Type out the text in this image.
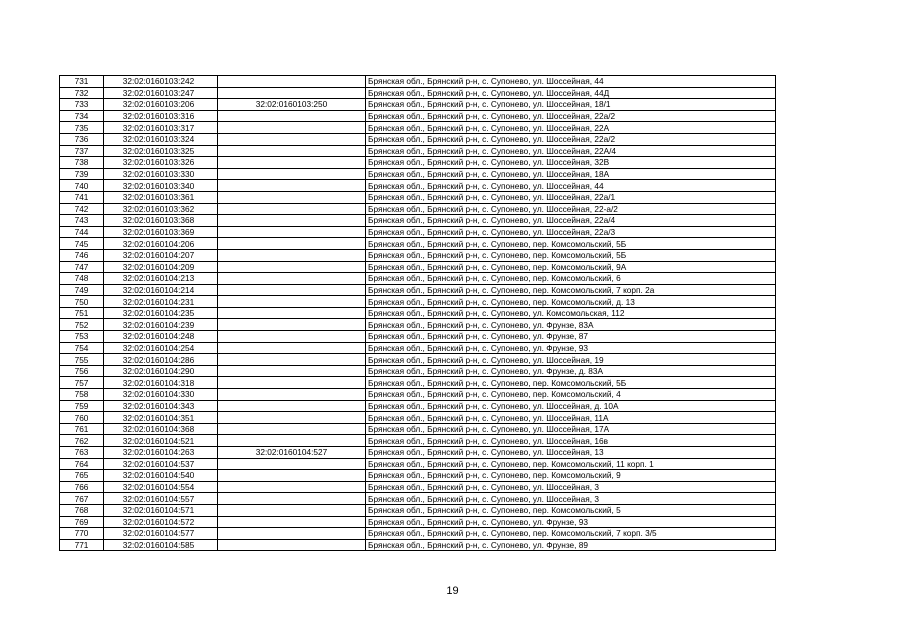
731	32:02:0160103:242		Брянская обл., Брянский р-н, с. Супонево, ул. Шоссейная, 44
732	32:02:0160103:247		Брянская обл., Брянский р-н, с. Супонево, ул. Шоссейная, 44Д
733	32:02:0160103:206	32:02:0160103:250	Брянская обл., Брянский р-н, с. Супонево, ул. Шоссейная, 18/1
734	32:02:0160103:316		Брянская обл., Брянский р-н, с. Супонево, ул. Шоссейная, 22а/2
735	32:02:0160103:317		Брянская обл., Брянский р-н, с. Супонево, ул. Шоссейная, 22А
736	32:02:0160103:324		Брянская обл., Брянский р-н, с. Супонево, ул. Шоссейная, 22а/2
737	32:02:0160103:325		Брянская обл., Брянский р-н, с. Супонево, ул. Шоссейная, 22А/4
738	32:02:0160103:326		Брянская обл., Брянский р-н, с. Супонево, ул. Шоссейная, 32В
739	32:02:0160103:330		Брянская обл., Брянский р-н, с. Супонево, ул. Шоссейная, 18А
740	32:02:0160103:340		Брянская обл., Брянский р-н, с. Супонево, ул. Шоссейная, 44
741	32:02:0160103:361		Брянская обл., Брянский р-н, с. Супонево, ул. Шоссейная, 22а/1
742	32:02:0160103:362		Брянская обл., Брянский р-н, с. Супонево, ул. Шоссейная, 22-а/2
743	32:02:0160103:368		Брянская обл., Брянский р-н, с. Супонево, ул. Шоссейная, 22а/4
744	32:02:0160103:369		Брянская обл., Брянский р-н, с. Супонево, ул. Шоссейная, 22а/3
745	32:02:0160104:206		Брянская обл., Брянский р-н, с. Супонево, пер. Комсомольский, 5Б
746	32:02:0160104:207		Брянская обл., Брянский р-н, с. Супонево, пер. Комсомольский, 5Б
747	32:02:0160104:209		Брянская обл., Брянский р-н, с. Супонево, пер. Комсомольский, 9А
748	32:02:0160104:213		Брянская обл., Брянский р-н, с. Супонево, пер. Комсомольский, 6
749	32:02:0160104:214		Брянская обл., Брянский р-н, с. Супонево, пер. Комсомольский, 7 корп. 2а
750	32:02:0160104:231		Брянская обл., Брянский р-н, с. Супонево, пер. Комсомольский, д. 13
751	32:02:0160104:235		Брянская обл., Брянский р-н, с. Супонево, ул. Комсомольская, 112
752	32:02:0160104:239		Брянская обл., Брянский р-н, с. Супонево, ул. Фрунзе, 83А
753	32:02:0160104:248		Брянская обл., Брянский р-н, с. Супонево, ул. Фрунзе, 87
754	32:02:0160104:254		Брянская обл., Брянский р-н, с. Супонево, ул. Фрунзе, 93
755	32:02:0160104:286		Брянская обл., Брянский р-н, с. Супонево, ул. Шоссейная, 19
756	32:02:0160104:290		Брянская обл., Брянский р-н, с. Супонево, ул. Фрунзе, д. 83А
757	32:02:0160104:318		Брянская обл., Брянский р-н, с. Супонево, пер. Комсомольский, 5Б
758	32:02:0160104:330		Брянская обл., Брянский р-н, с. Супонево, пер. Комсомольский, 4
759	32:02:0160104:343		Брянская обл., Брянский р-н, с. Супонево, ул. Шоссейная, д. 10А
760	32:02:0160104:351		Брянская обл., Брянский р-н, с. Супонево, ул. Шоссейная, 11А
761	32:02:0160104:368		Брянская обл., Брянский р-н, с. Супонево, ул. Шоссейная, 17А
762	32:02:0160104:521		Брянская обл., Брянский р-н, с. Супонево, ул. Шоссейная, 16в
763	32:02:0160104:263	32:02:0160104:527	Брянская обл., Брянский р-н, с. Супонево, ул. Шоссейная, 13
764	32:02:0160104:537		Брянская обл., Брянский р-н, с. Супонево, пер. Комсомольский, 11 корп. 1
765	32:02:0160104:540		Брянская обл., Брянский р-н, с. Супонево, пер. Комсомольский, 9
766	32:02:0160104:554		Брянская обл., Брянский р-н, с. Супонево, ул. Шоссейная, 3
767	32:02:0160104:557		Брянская обл., Брянский р-н, с. Супонево, ул. Шоссейная, 3
768	32:02:0160104:571		Брянская обл., Брянский р-н, с. Супонево, пер. Комсомольский, 5
769	32:02:0160104:572		Брянская обл., Брянский р-н, с. Супонево, ул. Фрунзе, 93
770	32:02:0160104:577		Брянская обл., Брянский р-н, с. Супонево, пер. Комсомольский, 7 корп. 3/5
771	32:02:0160104:585		Брянская обл., Брянский р-н, с. Супонево, ул. Фрунзе, 89
19
